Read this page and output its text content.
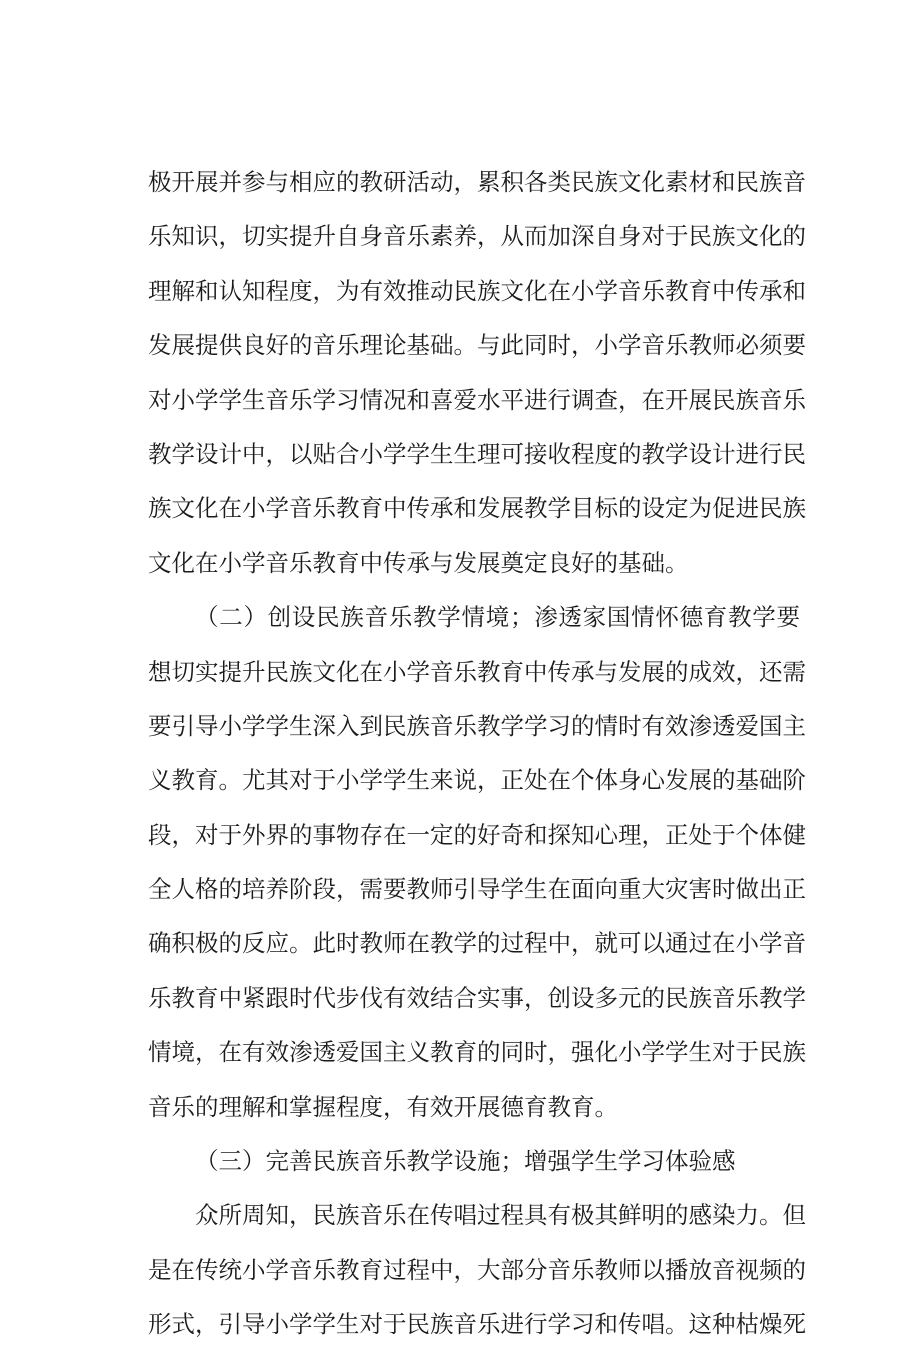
极开展并参与相应的教研活动，累积各类民族文化素材和民族音
乐知识，切实提升自身音乐素养，从而加深自身对于民族文化的
理解和认知程度，为有效推动民族文化在小学音乐教育中传承和
发展提供良好的音乐理论基础。与此同时，小学音乐教师必须要
对小学学生音乐学习情况和喜爱水平进行调查，在开展民族音乐
教学设计中，以贴合小学学生生理可接收程度的教学设计进行民
族文化在小学音乐教育中传承和发展教学目标的设定为促进民族
文化在小学音乐教育中传承与发展奠定良好的基础。
（二）创设民族音乐教学情境；渗透家国情怀德育教学要
想切实提升民族文化在小学音乐教育中传承与发展的成效，还需
要引导小学学生深入到民族音乐教学学习的情时有效渗透爱国主
义教育。尤其对于小学学生来说，正处在个体身心发展的基础阶
段，对于外界的事物存在一定的好奇和探知心理，正处于个体健
全人格的培养阶段，需要教师引导学生在面向重大灾害时做出正
确积极的反应。此时教师在教学的过程中，就可以通过在小学音
乐教育中紧跟时代步伐有效结合实事，创设多元的民族音乐教学
情境，在有效渗透爱国主义教育的同时，强化小学学生对于民族
音乐的理解和掌握程度，有效开展德育教育。
（三）完善民族音乐教学设施；增强学生学习体验感
众所周知，民族音乐在传唱过程具有极其鲜明的感染力。但
是在传统小学音乐教育过程中，大部分音乐教师以播放音视频的
形式，引导小学学生对于民族音乐进行学习和传唱。这种枯燥死
